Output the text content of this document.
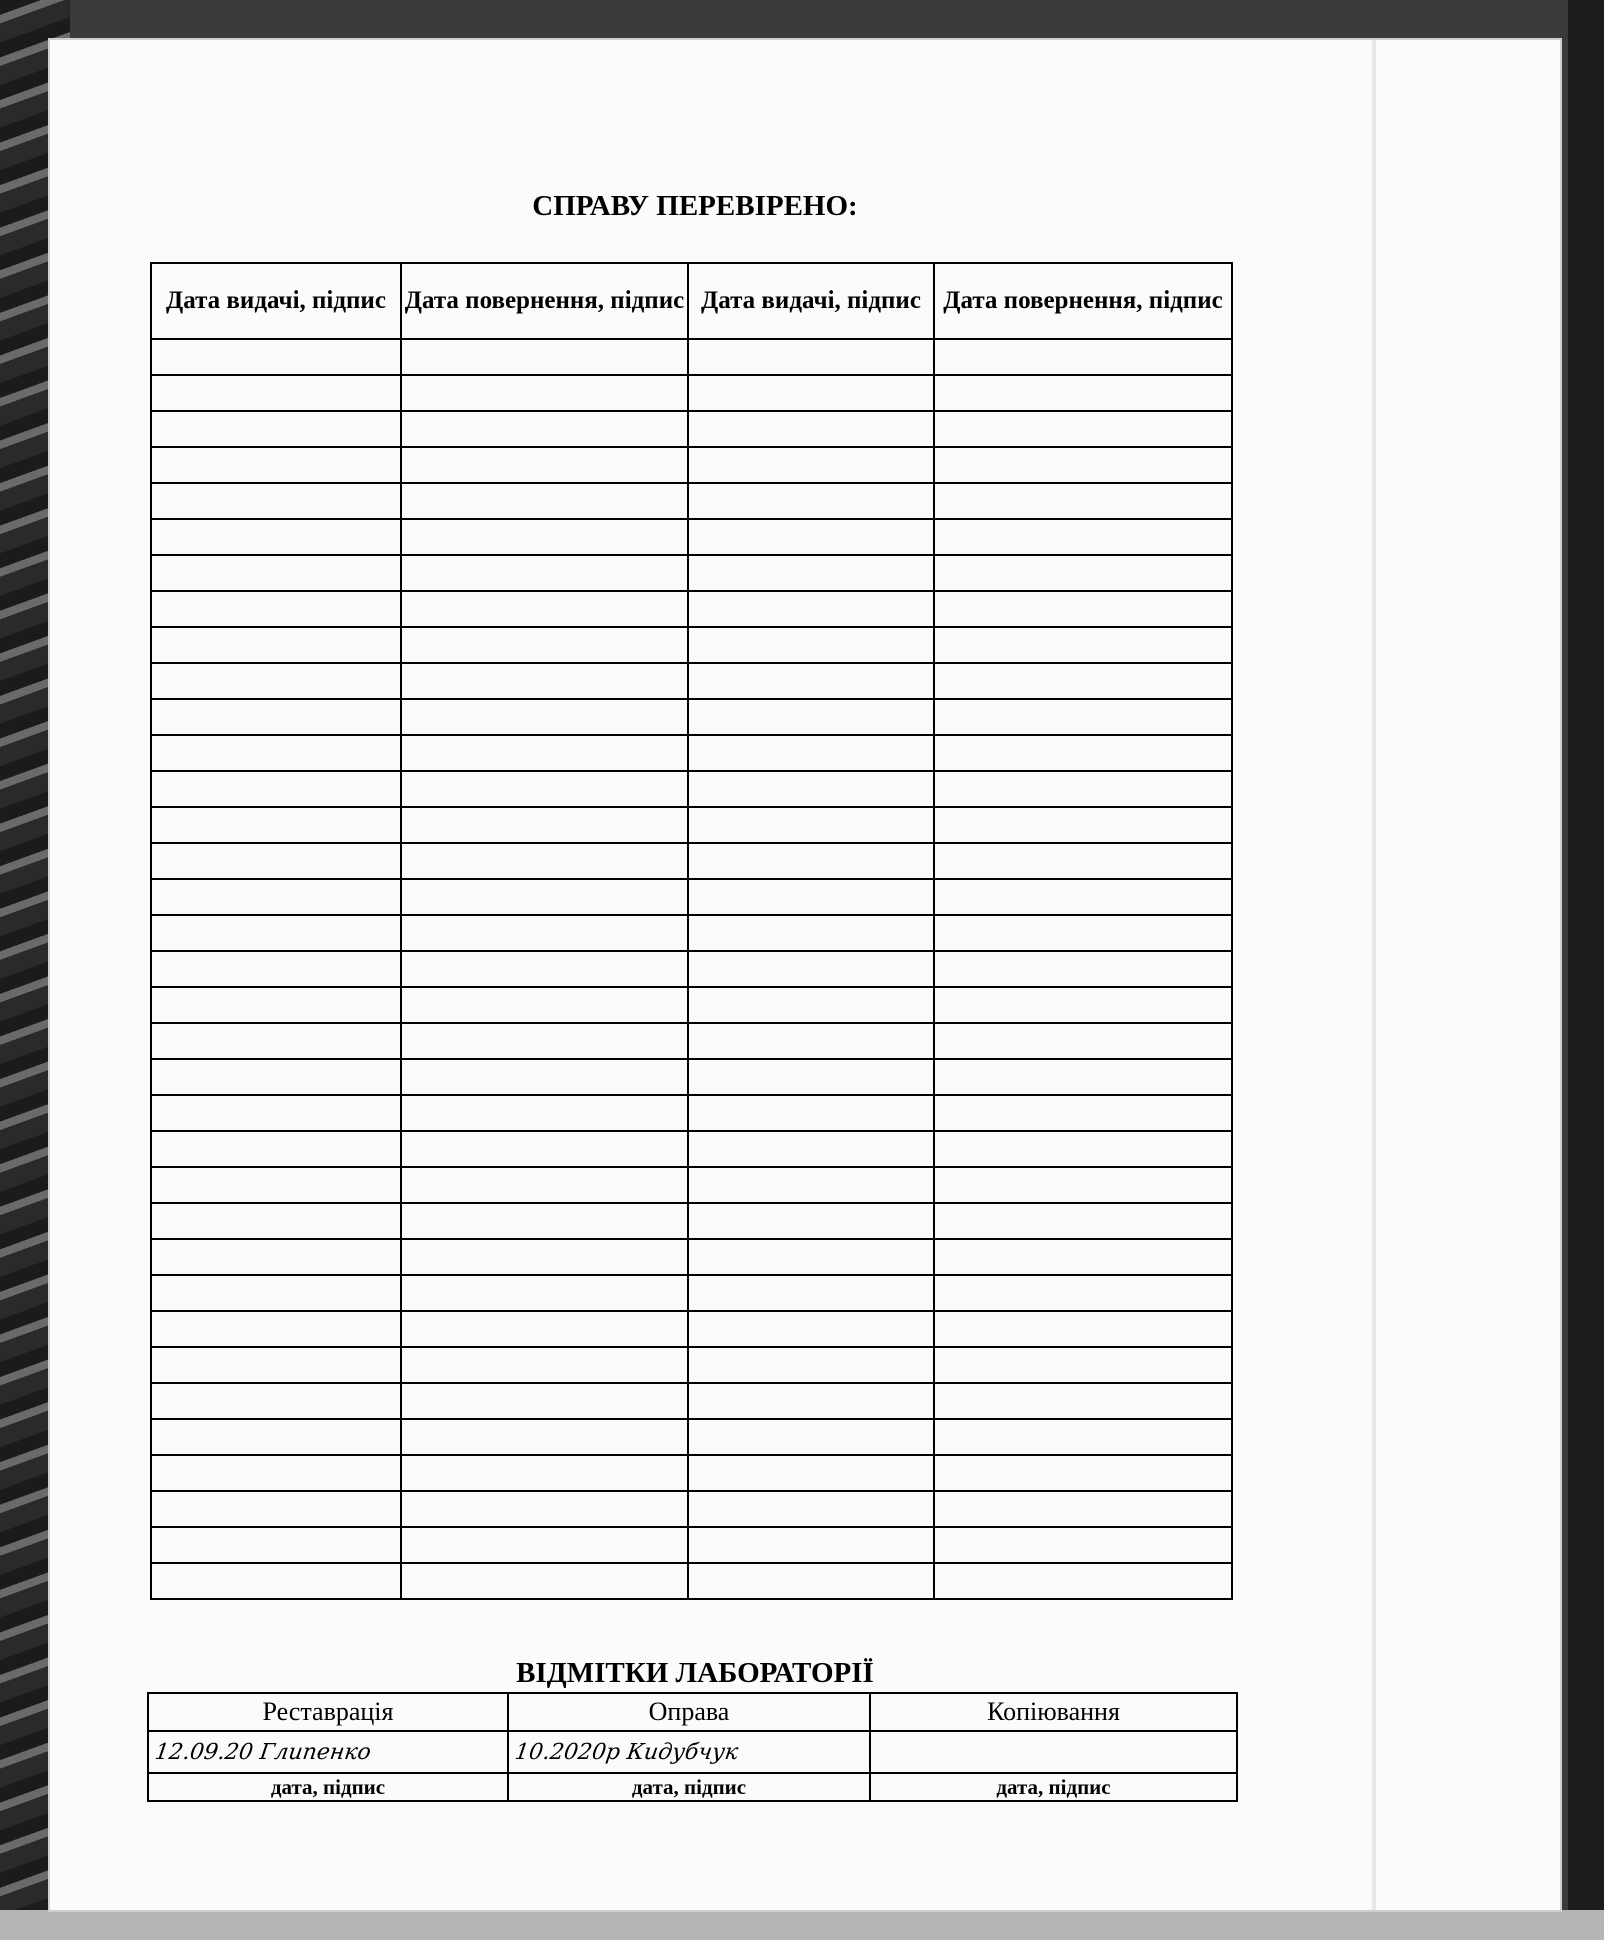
СПРАВУ ПЕРЕВІРЕНО:
Дата видачі, підпис	Дата повернення, підпис	Дата видачі, підпис	Дата повернення, підпис

ВІДМІТКИ ЛАБОРАТОРІЇ
Реставрація	Оправа	Копіювання
12.09.20 Глипенко	10.2020р Кидубчук	
дата, підпис	дата, підпис	дата, підпис
